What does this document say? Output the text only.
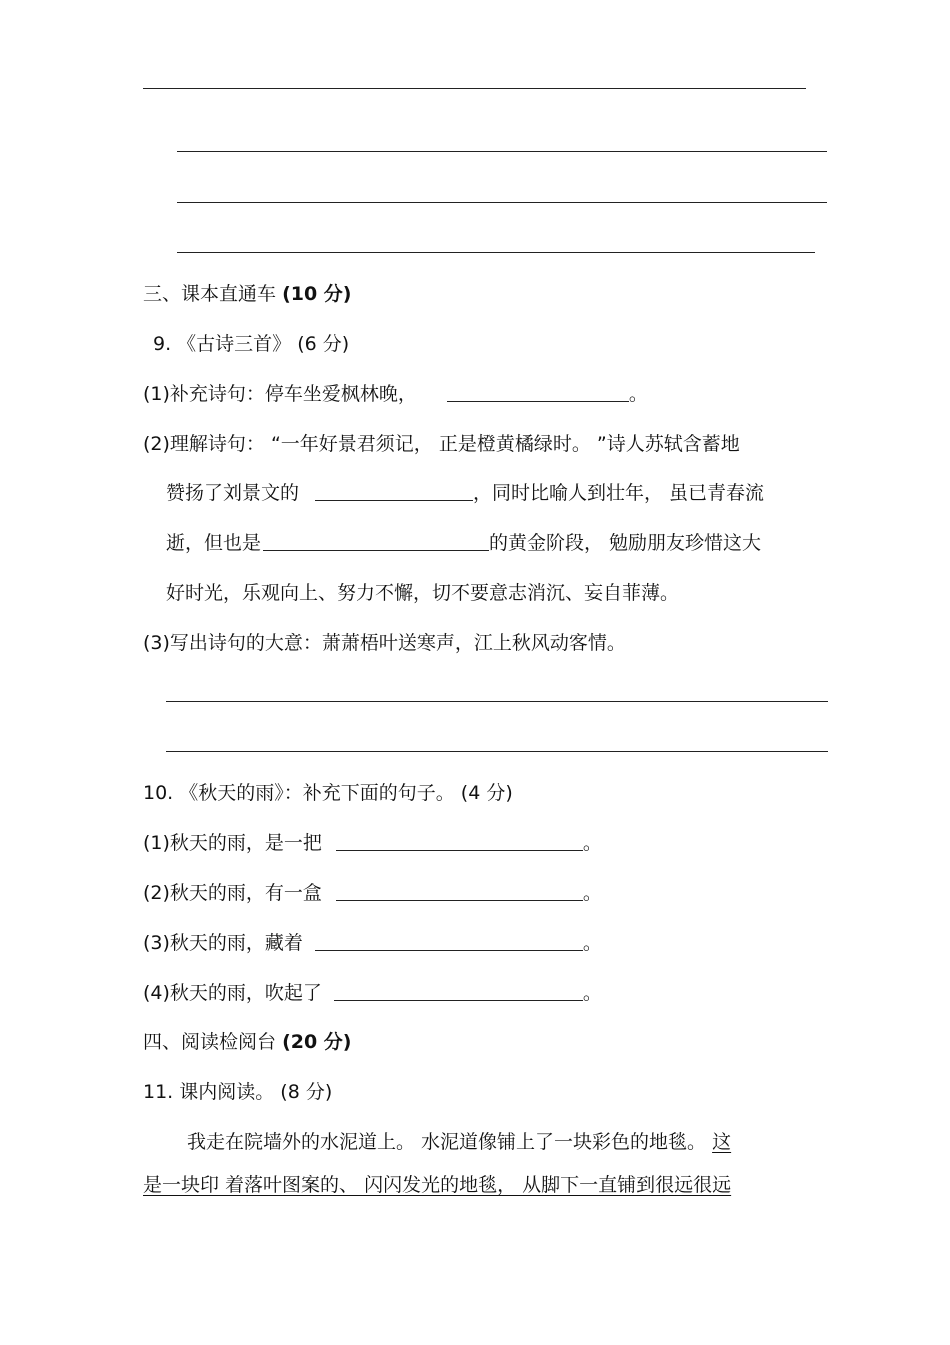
三、课本直通车 (10 分)
9. 《古诗三首》 (6 分)
(1)补充诗句：停车坐爱枫林晚，	。
(2)理解诗句： “一年好景君须记， 正是橙黄橘绿时。 ”诗人苏轼含蓄地
赞扬了刘景文的	，同时比喻人到壮年， 虽已青春流
逝，但也是	的黄金阶段， 勉励朋友珍惜这大
好时光，乐观向上、努力不懈，切不要意志消沉、妄自菲薄。
(3)写出诗句的大意：萧萧梧叶送寒声，江上秋风动客情。
10. 《秋天的雨》：补充下面的句子。 (4 分)
(1)秋天的雨，是一把	。
(2)秋天的雨，有一盒	。
(3)秋天的雨，藏着	。
(4)秋天的雨，吹起了	。
四、阅读检阅台 (20 分)
11. 课内阅读。 (8 分)
我走在院墙外的水泥道上。 水泥道像铺上了一块彩色的地毯。 这
是一块印 着落叶图案的、 闪闪发光的地毯， 从脚下一直铺到很远很远
